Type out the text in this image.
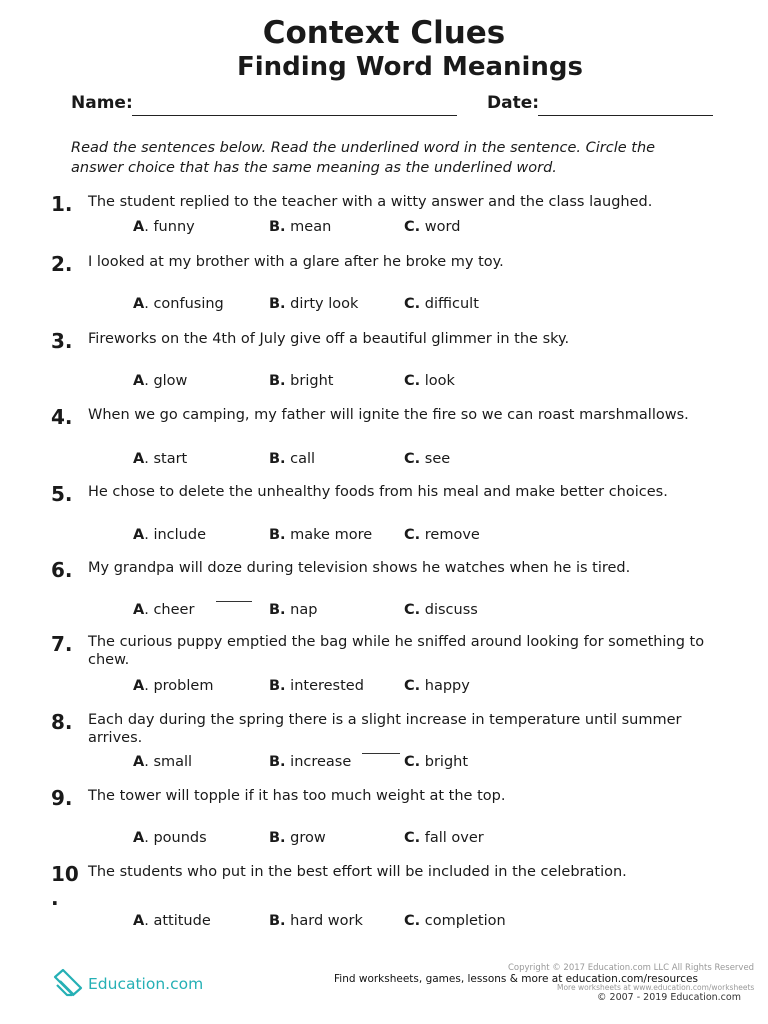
Context Clues
Finding Word Meanings
Name:	Date:

Read the sentences below. Read the underlined word in the sentence. Circle the answer choice that has the same meaning as the underlined word.

1.	The student replied to the teacher with a witty answer and the class laughed.
A. funny	B. mean	C. word
2.	I looked at my brother with a glare after he broke my toy.
A. confusing	B. dirty look	C. difficult
3.	Fireworks on the 4th of July give off a beautiful glimmer in the sky.
A. glow	B. bright	C. look
4.	When we go camping, my father will ignite the fire so we can roast marshmallows.
A. start	B. call	C. see
5.	He chose to delete the unhealthy foods from his meal and make better choices.
A. include	B. make more C. remove
6.	My grandpa will doze during television shows he watches when he is tired.
A. cheer	B. nap	C. discuss
7.	The curious puppy emptied the bag while he sniffed around looking for something to chew.
A. problem	B. interested	C. happy
8.	Each day during the spring there is a slight increase in temperature until summer arrives.
A. small	B. increase	C. bright
9.	The tower will topple if it has too much weight at the top.
A. pounds	B. grow	C. fall over
10
.
The students who put in the best effort will be included in the celebration.
A. attitude	B. hard work	C. completion
Education.com
Copyright © 2017 Education.com LLC All Rights Reserved
Find worksheets, games, lessons & more at education.com/resources
More worksheets at www.education.com/worksheets
© 2007 - 2019 Education.com
